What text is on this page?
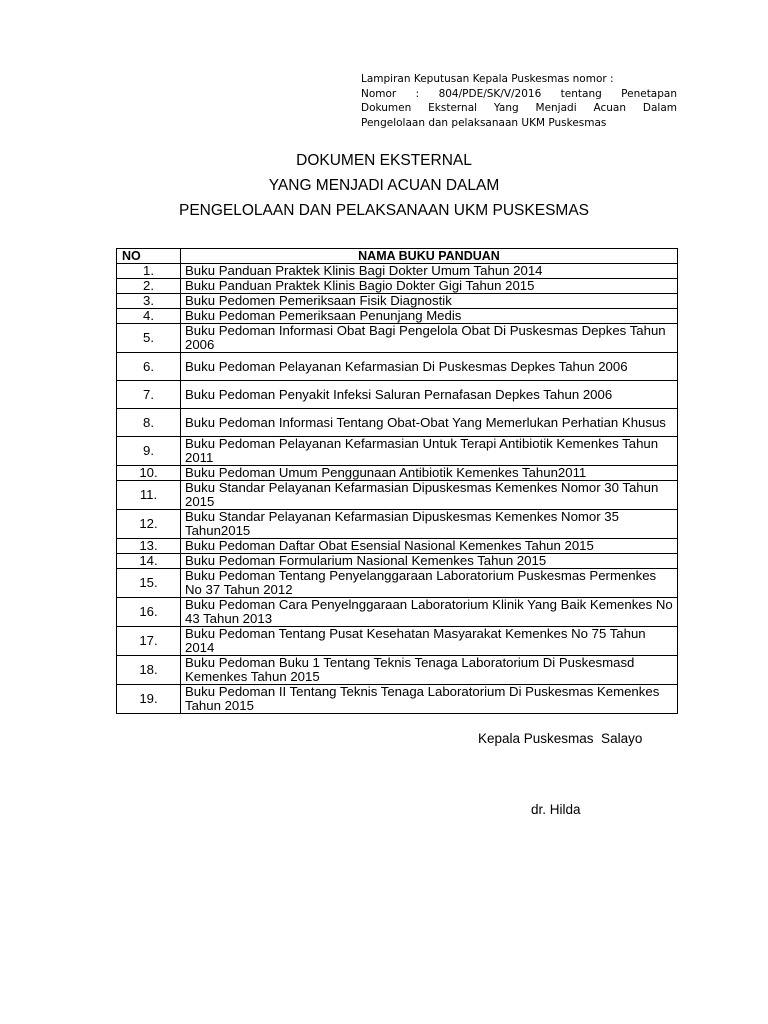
Lampiran Keputusan Kepala Puskesmas nomor :
Nomor : 804/PDE/SK/V/2016 tentang Penetapan
Dokumen Eksternal Yang Menjadi Acuan Dalam
Pengelolaan dan pelaksanaan UKM Puskesmas
DOKUMEN EKSTERNAL
YANG MENJADI ACUAN DALAM
PENGELOLAAN DAN PELAKSANAAN UKM PUSKESMAS
NO	NAMA BUKU PANDUAN
1.	Buku Panduan Praktek Klinis Bagi Dokter Umum Tahun 2014
2.	Buku Panduan Praktek Klinis Bagio Dokter Gigi Tahun 2015
3.	Buku Pedomen Pemeriksaan Fisik Diagnostik
4.	Buku Pedoman Pemeriksaan Penunjang Medis
5.	Buku Pedoman Informasi Obat Bagi Pengelola Obat Di Puskesmas Depkes Tahun 2006
6.	Buku Pedoman Pelayanan Kefarmasian Di Puskesmas Depkes Tahun 2006
7.	Buku Pedoman Penyakit Infeksi Saluran Pernafasan Depkes Tahun 2006
8.	Buku Pedoman Informasi Tentang Obat-Obat Yang Memerlukan Perhatian Khusus
9.	Buku Pedoman Pelayanan Kefarmasian Untuk Terapi Antibiotik Kemenkes Tahun 2011
10.	Buku Pedoman Umum Penggunaan Antibiotik Kemenkes Tahun2011
11.	Buku Standar Pelayanan Kefarmasian Dipuskesmas Kemenkes Nomor 30 Tahun 2015
12.	Buku Standar Pelayanan Kefarmasian Dipuskesmas Kemenkes Nomor 35 Tahun2015
13.	Buku Pedoman Daftar Obat Esensial Nasional Kemenkes Tahun 2015
14.	Buku Pedoman Formularium Nasional Kemenkes Tahun 2015
15.	Buku Pedoman Tentang Penyelanggaraan Laboratorium Puskesmas Permenkes No 37 Tahun 2012
16.	Buku Pedoman Cara Penyelnggaraan Laboratorium Klinik Yang Baik Kemenkes No 43 Tahun 2013
17.	Buku Pedoman Tentang Pusat Kesehatan Masyarakat Kemenkes No 75 Tahun 2014
18.	Buku Pedoman Buku 1 Tentang Teknis Tenaga Laboratorium Di Puskesmasd Kemenkes Tahun 2015
19.	Buku Pedoman II Tentang Teknis Tenaga Laboratorium Di Puskesmas Kemenkes Tahun 2015
Kepala Puskesmas  Salayo
dr. Hilda
